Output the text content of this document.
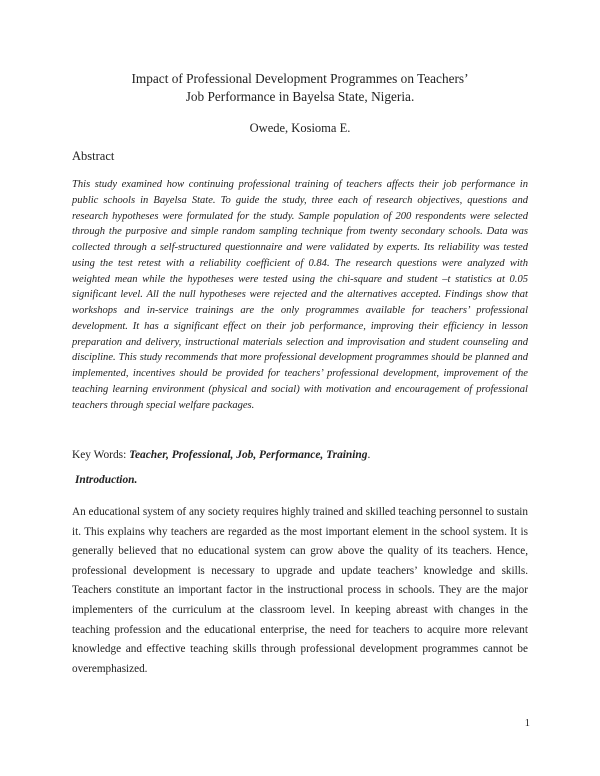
Impact of Professional Development Programmes on Teachers’
Job Performance in Bayelsa State, Nigeria.
Owede, Kosioma E.
Abstract

This study examined how continuing professional training of teachers affects their job performance in public schools in Bayelsa State. To guide the study, three each of research objectives, questions and research hypotheses were formulated for the study. Sample population of 200 respondents were selected through the purposive and simple random sampling technique from twenty secondary schools. Data was collected through a self-structured questionnaire and were validated by experts. Its reliability was tested using the test retest with a reliability coefficient of 0.84. The research questions were analyzed with weighted mean while the hypotheses were tested using the chi-square and student –t statistics at 0.05 significant level. All the null hypotheses were rejected and the alternatives accepted. Findings show that workshops and in-service trainings are the only programmes available for teachers’ professional development. It has a significant effect on their job performance, improving their efficiency in lesson preparation and delivery, instructional materials selection and improvisation and student counseling and discipline. This study recommends that more professional development programmes should be planned and implemented, incentives should be provided for teachers’ professional development, improvement of the teaching learning environment (physical and social) with motivation and encouragement of professional teachers through special welfare packages.

Key Words: Teacher, Professional, Job, Performance, Training.
Introduction.

An educational system of any society requires highly trained and skilled teaching personnel to sustain it. This explains why teachers are regarded as the most important element in the school system. It is generally believed that no educational system can grow above the quality of its teachers. Hence, professional development is necessary to upgrade and update teachers’ knowledge and skills. Teachers constitute an important factor in the instructional process in schools. They are the major implementers of the curriculum at the classroom level. In keeping abreast with changes in the teaching profession and the educational enterprise, the need for teachers to acquire more relevant knowledge and effective teaching skills through professional development programmes cannot be overemphasized.

1
